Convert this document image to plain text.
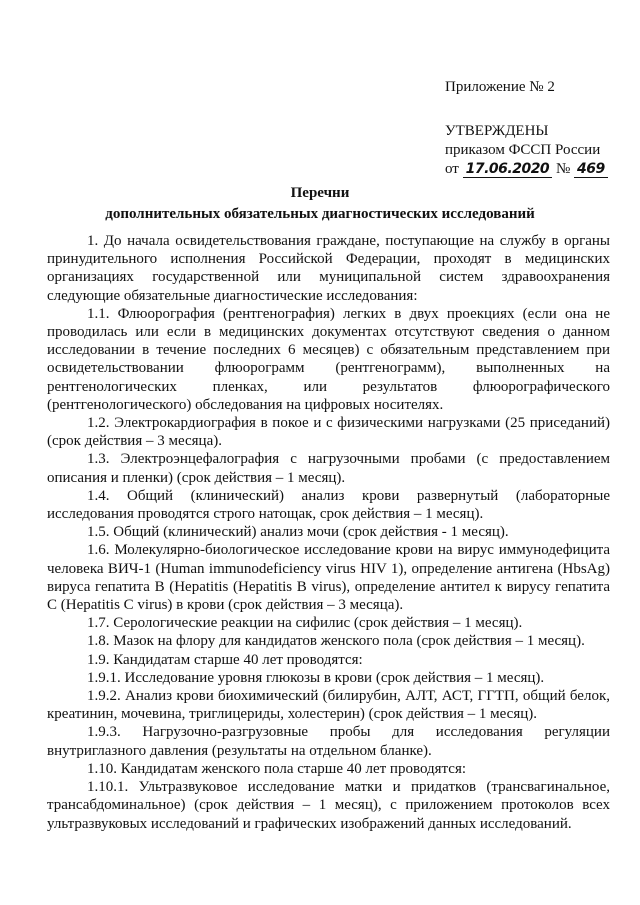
Приложение № 2
УТВЕРЖДЕНЫ
приказом ФССП России
от 17.06.2020 № 469
Перечни
дополнительных обязательных диагностических исследований

1. До начала освидетельствования граждане, поступающие на службу в органы принудительного исполнения Российской Федерации, проходят в медицинских организациях государственной или муниципальной систем здравоохранения следующие обязательные диагностические исследования:

1.1. Флюорография (рентгенография) легких в двух проекциях (если она не проводилась или если в медицинских документах отсутствуют сведения о данном исследовании в течение последних 6 месяцев) с обязательным представлением при освидетельствовании флюорограмм (рентгенограмм), выполненных на рентгенологических пленках, или результатов флюорографического (рентгенологического) обследования на цифровых носителях.

1.2. Электрокардиография в покое и с физическими нагрузками (25 приседаний) (срок действия – 3 месяца).

1.3. Электроэнцефалография с нагрузочными пробами (с предоставлением описания и пленки) (срок действия – 1 месяц).

1.4. Общий (клинический) анализ крови развернутый (лабораторные исследования проводятся строго натощак, срок действия – 1 месяц).

1.5. Общий (клинический) анализ мочи (срок действия - 1 месяц).

1.6. Молекулярно-биологическое исследование крови на вирус иммунодефицита человека ВИЧ-1 (Human immunodeficiency virus HIV 1), определение антигена (HbsAg) вируса гепатита В (Hepatitis (Hepatitis B virus), определение антител к вирусу гепатита С (Hepatitis C virus) в крови (срок действия – 3 месяца).

1.7. Серологические реакции на сифилис (срок действия – 1 месяц).

1.8. Мазок на флору для кандидатов женского пола (срок действия – 1 месяц).

1.9. Кандидатам старше 40 лет проводятся:

1.9.1. Исследование уровня глюкозы в крови (срок действия – 1 месяц).

1.9.2. Анализ крови биохимический (билирубин, АЛТ, АСТ, ГГТП, общий белок, креатинин, мочевина, триглицериды, холестерин) (срок действия – 1 месяц).

1.9.3. Нагрузочно-разгрузовные пробы для исследования регуляции внутриглазного давления (результаты на отдельном бланке).

1.10. Кандидатам женского пола старше 40 лет проводятся:

1.10.1. Ультразвуковое исследование матки и придатков (трансвагинальное, трансабдоминальное) (срок действия – 1 месяц), с приложением протоколов всех ультразвуковых исследований и графических изображений данных исследований.
